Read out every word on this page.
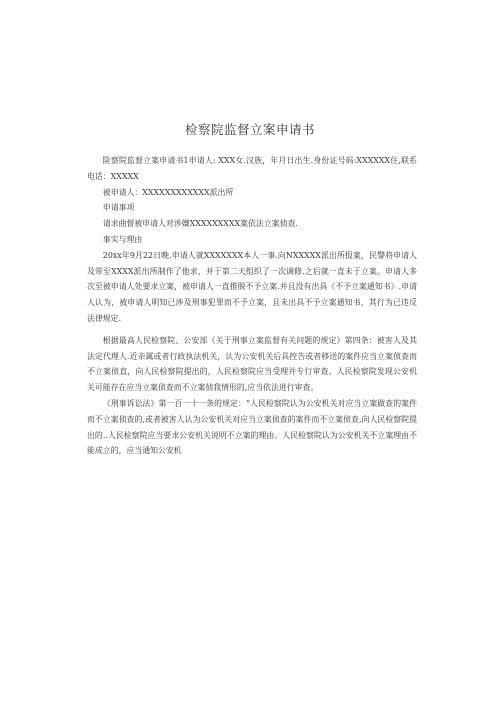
检察院监督立案申请书

险察院监督立案申请书1申请人: XXX女.汉族，年月日出生.身份证号码:XXXXXX住,联系电话：XXXXX

被申请人：XXXXXXXXXXXX派出所

申请事项

请求曲督被申请人对涉嫌XXXXXXXXX案依法立案侦查.

事实与理由

20xx年9月22日晚.申请人就XXXXXXX本人一事.向NXXXXX派出所报案，民警将申请人及带至XXXX派出所制作了他求，并于第二天组织了一次调修.之后就一直未于立案。申请人多次至被申请人处要求立案，被申请人一直推脱不予立案.并且没有出具《不予立案通知书》.申请人认为，被申请人明知已涉及刑事犯罪而不予立案，且未出具不予立案通知书，其行为已违反法律规定.

根据最高人民检察院、公安部《关于刑事立案监督有关问题的规定》第四条：被害人及其法定代理人.近亲属或者行政执法机关，认为公安机关后具控告或者移送的案件应当立案侦查而不立案侦直，向人民检察院提出的，人民检察院应当受理并专行审查。人民检察院发现公安机关可能存在应当立案侦查而不立案侦我情形的,应当依法进行审查。

《刑事诉讼法》第一百一十一条的规定：“人民检察院认为公安机关对应当立案做查的案件而不立案侦查的,或者被害人认为公安机关对应当立案侦查的案件而不立案侦查,向人民检察院提出的..人民检察院应当要求公安机关说明不立案的理由。人民检察院认为公安机关不立案理由不能成立的，应当通知公安机
